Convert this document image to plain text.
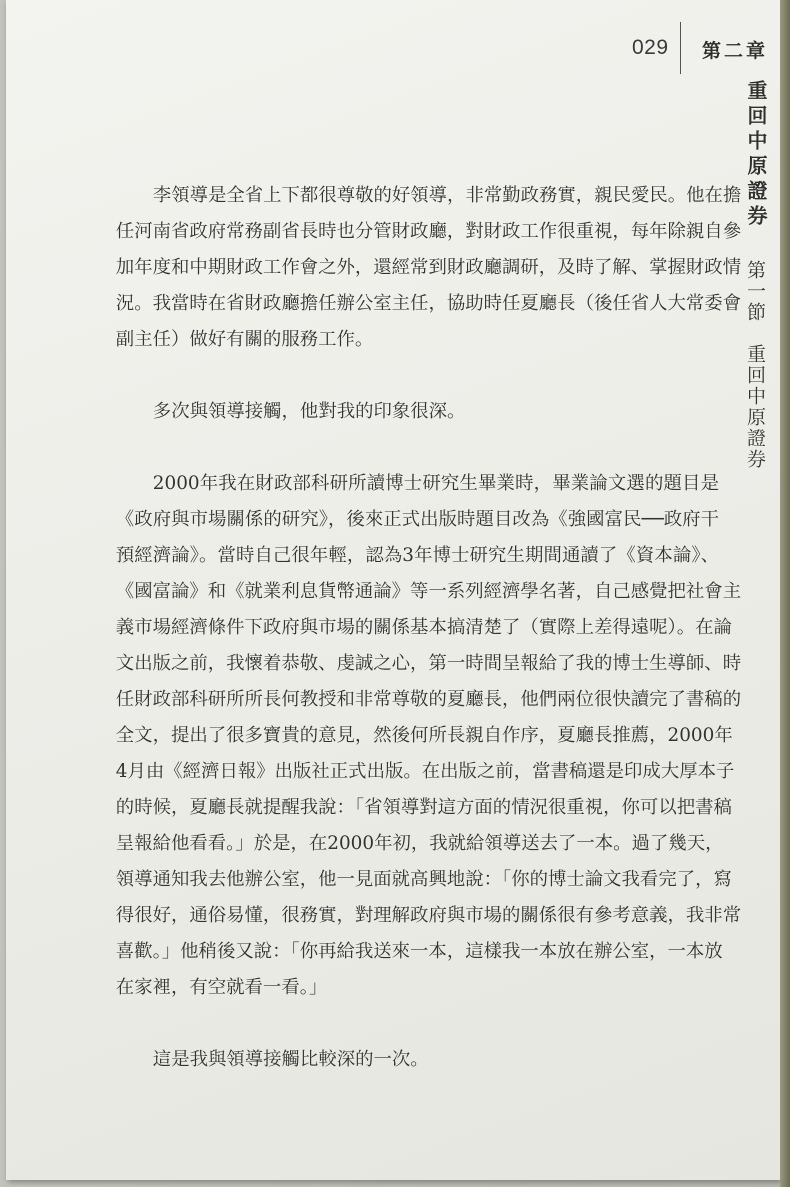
029 第二章
重回中原證券
第一節　重回中原證券

李領導是全省上下都很尊敬的好領導，非常勤政務實，親民愛民。他在擔
任河南省政府常務副省長時也分管財政廳，對財政工作很重視，每年除親自參
加年度和中期財政工作會之外，還經常到財政廳調研，及時了解、掌握財政情
況。我當時在省財政廳擔任辦公室主任，協助時任夏廳長（後任省人大常委會
副主任）做好有關的服務工作。

多次與領導接觸，他對我的印象很深。

2000年我在財政部科研所讀博士研究生畢業時，畢業論文選的題目是
《政府與市場關係的研究》，後來正式出版時題目改為《強國富民──政府干
預經濟論》。當時自己很年輕，認為3年博士研究生期間通讀了《資本論》、
《國富論》和《就業利息貨幣通論》等一系列經濟學名著，自己感覺把社會主
義市場經濟條件下政府與市場的關係基本搞清楚了（實際上差得遠呢）。在論
文出版之前，我懷着恭敬、虔誠之心，第一時間呈報給了我的博士生導師、時
任財政部科研所所長何教授和非常尊敬的夏廳長，他們兩位很快讀完了書稿的
全文，提出了很多寶貴的意見，然後何所長親自作序，夏廳長推薦，2000年
4月由《經濟日報》出版社正式出版。在出版之前，當書稿還是印成大厚本子
的時候，夏廳長就提醒我說：「省領導對這方面的情況很重視，你可以把書稿
呈報給他看看。」於是，在2000年初，我就給領導送去了一本。過了幾天，
領導通知我去他辦公室，他一見面就高興地說：「你的博士論文我看完了，寫
得很好，通俗易懂，很務實，對理解政府與市場的關係很有參考意義，我非常
喜歡。」他稍後又說：「你再給我送來一本，這樣我一本放在辦公室，一本放
在家裡，有空就看一看。」

這是我與領導接觸比較深的一次。
